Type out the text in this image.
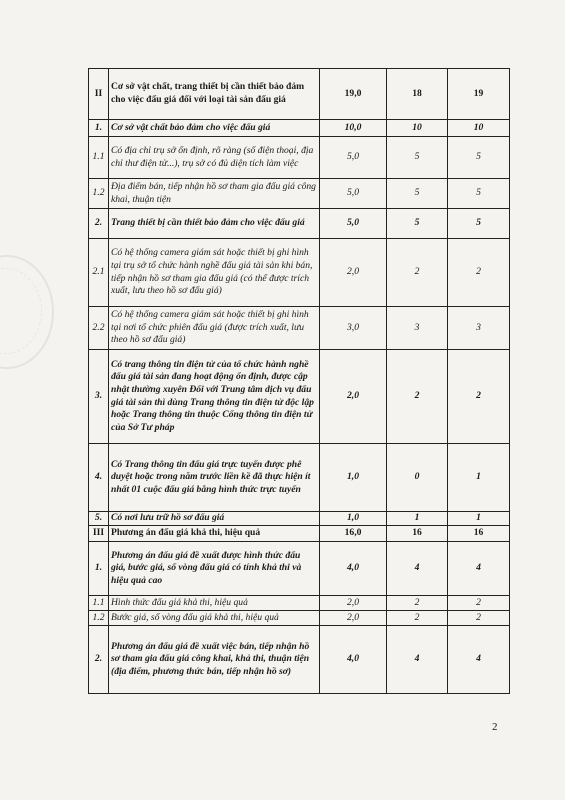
II	Cơ sở vật chất, trang thiết bị cần thiết bảo đảm cho việc đấu giá đối với loại tài sản đấu giá	19,0	18	19
1.	Cơ sở vật chất bảo đảm cho việc đấu giá	10,0	10	10
1.1	Có địa chỉ trụ sở ổn định, rõ ràng (số điện thoại, địa chỉ thư điện tử...), trụ sở có đủ diện tích làm việc	5,0	5	5
1.2	Địa điểm bán, tiếp nhận hồ sơ tham gia đấu giá công khai, thuận tiện	5,0	5	5
2.	Trang thiết bị cần thiết bảo đảm cho việc đấu giá	5,0	5	5
2.1	Có hệ thống camera giám sát hoặc thiết bị ghi hình tại trụ sở tổ chức hành nghề đấu giá tài sản khi bán, tiếp nhận hồ sơ tham gia đấu giá (có thể được trích xuất, lưu theo hồ sơ đấu giá)	2,0	2	2
2.2	Có hệ thống camera giám sát hoặc thiết bị ghi hình tại nơi tổ chức phiên đấu giá (được trích xuất, lưu theo hồ sơ đấu giá)	3,0	3	3
3.	Có trang thông tin điện tử của tổ chức hành nghề đấu giá tài sản đang hoạt động ổn định, được cập nhật thường xuyên Đối với Trung tâm dịch vụ đấu giá tài sản thì dùng Trang thông tin điện tử độc lập hoặc Trang thông tin thuộc Cổng thông tin điện tử của Sở Tư pháp	2,0	2	2
4.	Có Trang thông tin đấu giá trực tuyến được phê duyệt hoặc trong năm trước liền kề đã thực hiện ít nhất 01 cuộc đấu giá bằng hình thức trực tuyến	1,0	0	1
5.	Có nơi lưu trữ hồ sơ đấu giá	1,0	1	1
III	Phương án đấu giá khả thi, hiệu quả	16,0	16	16
1.	Phương án đấu giá đề xuất được hình thức đấu giá, bước giá, số vòng đấu giá có tính khả thi và hiệu quả cao	4,0	4	4
1.1	Hình thức đấu giá khả thi, hiệu quả	2,0	2	2
1.2	Bước giá, số vòng đấu giá khả thi, hiệu quả	2,0	2	2
2.	Phương án đấu giá đề xuất việc bán, tiếp nhận hồ sơ tham gia đấu giá công khai, khả thi, thuận tiện (địa điểm, phương thức bán, tiếp nhận hồ sơ)	4,0	4	4
2
